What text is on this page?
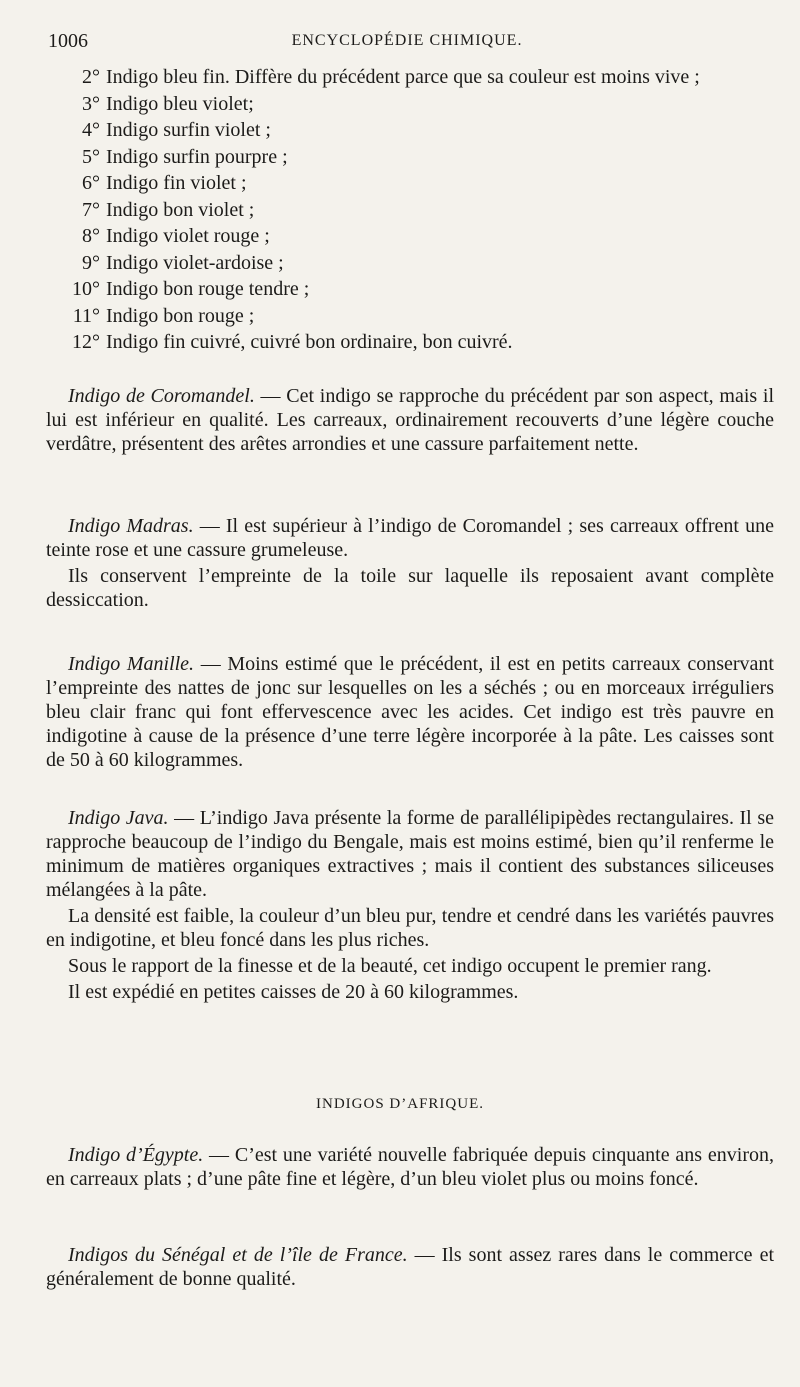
1006	ENCYCLOPÉDIE CHIMIQUE.
2° Indigo bleu fin. Diffère du précédent parce que sa couleur est moins vive ;
3° Indigo bleu violet;
4° Indigo surfin violet ;
5° Indigo surfin pourpre ;
6° Indigo fin violet ;
7° Indigo bon violet ;
8° Indigo violet rouge ;
9° Indigo violet-ardoise ;
10° Indigo bon rouge tendre ;
11° Indigo bon rouge ;
12° Indigo fin cuivré, cuivré bon ordinaire, bon cuivré.

Indigo de Coromandel. — Cet indigo se rapproche du précédent par son aspect, mais il lui est inférieur en qualité. Les carreaux, ordinairement recouverts d’une légère couche verdâtre, présentent des arêtes arrondies et une cassure parfaitement nette.

Indigo Madras. — Il est supérieur à l’indigo de Coromandel ; ses carreaux offrent une teinte rose et une cassure grumeleuse.

Ils conservent l’empreinte de la toile sur laquelle ils reposaient avant complète dessiccation.

Indigo Manille. — Moins estimé que le précédent, il est en petits carreaux conservant l’empreinte des nattes de jonc sur lesquelles on les a séchés ; ou en morceaux irréguliers bleu clair franc qui font effervescence avec les acides. Cet indigo est très pauvre en indigotine à cause de la présence d’une terre légère incorporée à la pâte. Les caisses sont de 50 à 60 kilogrammes.

Indigo Java. — L’indigo Java présente la forme de parallélipipèdes rectangulaires. Il se rapproche beaucoup de l’indigo du Bengale, mais est moins estimé, bien qu’il renferme le minimum de matières organiques extractives ; mais il contient des substances siliceuses mélangées à la pâte.

La densité est faible, la couleur d’un bleu pur, tendre et cendré dans les variétés pauvres en indigotine, et bleu foncé dans les plus riches.

Sous le rapport de la finesse et de la beauté, cet indigo occupent le premier rang.

Il est expédié en petites caisses de 20 à 60 kilogrammes.

INDIGOS D’AFRIQUE.

Indigo d’Égypte. — C’est une variété nouvelle fabriquée depuis cinquante ans environ, en carreaux plats ; d’une pâte fine et légère, d’un bleu violet plus ou moins foncé.

Indigos du Sénégal et de l’île de France. — Ils sont assez rares dans le commerce et généralement de bonne qualité.
